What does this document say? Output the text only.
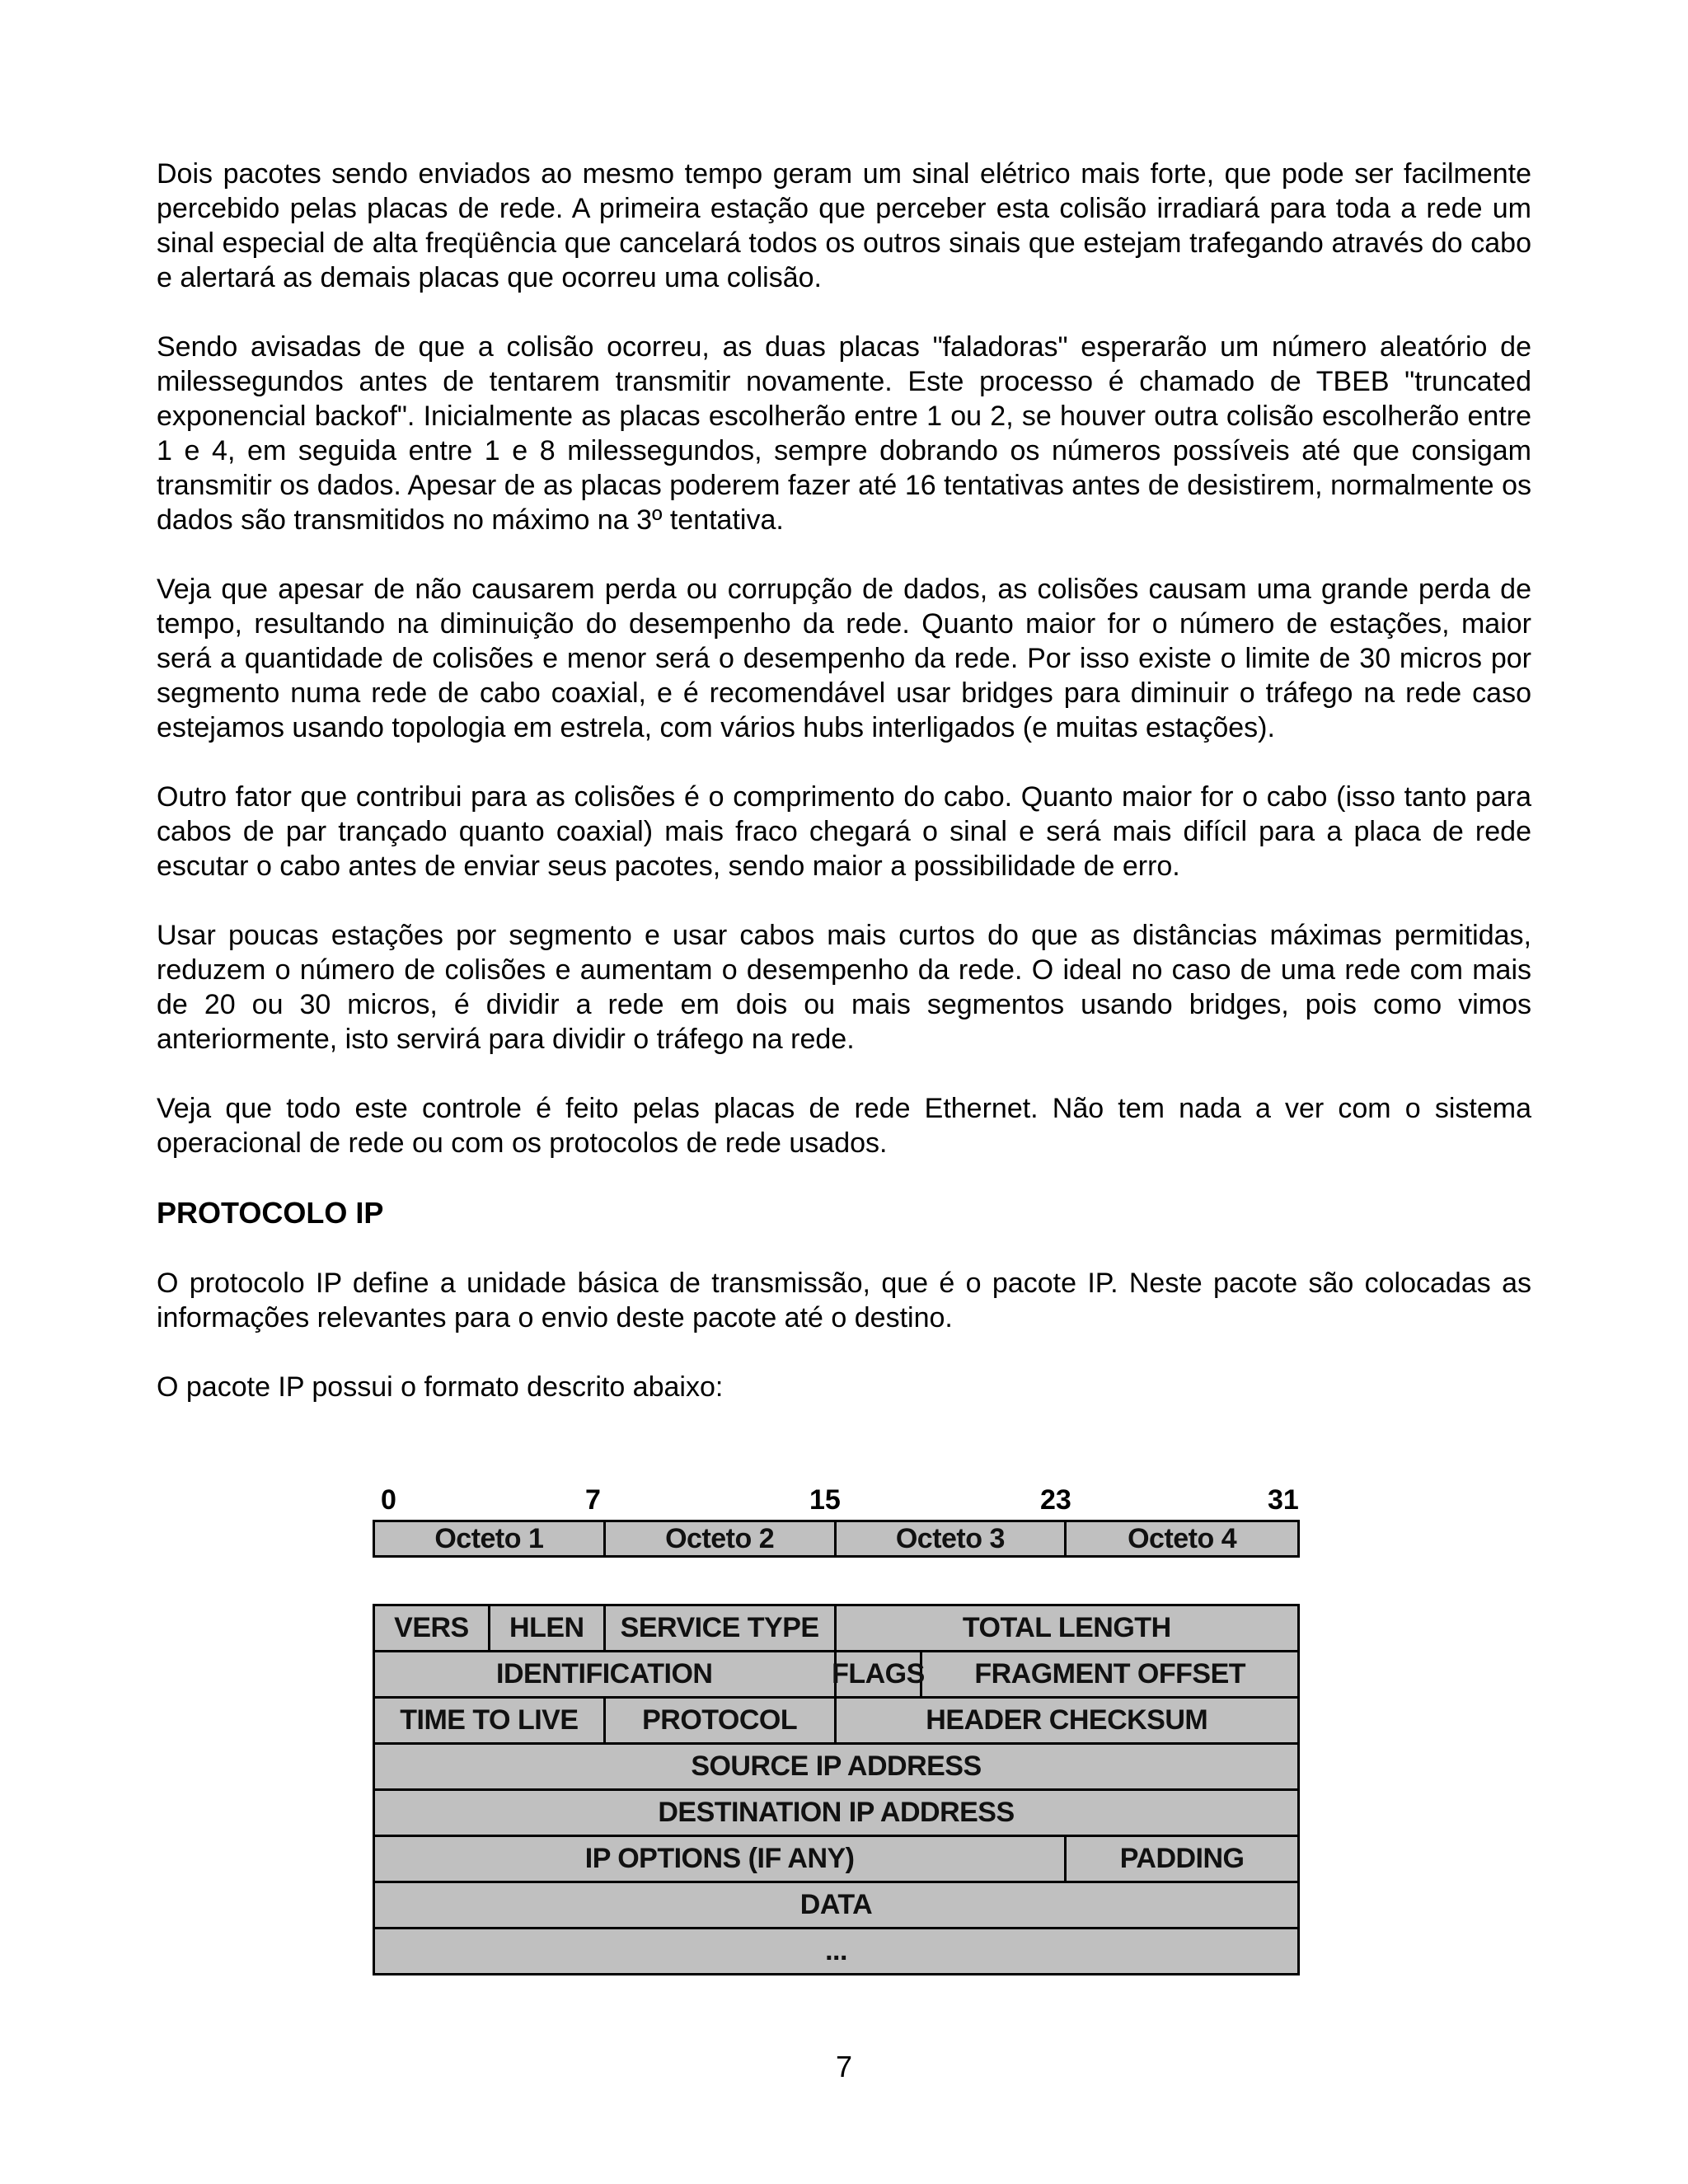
Dois pacotes sendo enviados ao mesmo tempo geram um sinal elétrico mais forte, que pode ser facilmente percebido pelas placas de rede. A primeira estação que perceber esta colisão irradiará para toda a rede um sinal especial de alta freqüência que cancelará todos os outros sinais que estejam trafegando através do cabo e alertará as demais placas que ocorreu uma colisão.

Sendo avisadas de que a colisão ocorreu, as duas placas "faladoras" esperarão um número aleatório de milessegundos antes de tentarem transmitir novamente. Este processo é chamado de TBEB "truncated exponencial backof". Inicialmente as placas escolherão entre 1 ou 2, se houver outra colisão escolherão entre 1 e 4, em seguida entre 1 e 8 milessegundos, sempre dobrando os números possíveis até que consigam transmitir os dados. Apesar de as placas poderem fazer até 16 tentativas antes de desistirem, normalmente os dados são transmitidos no máximo na 3º tentativa.

Veja que apesar de não causarem perda ou corrupção de dados, as colisões causam uma grande perda de tempo, resultando na diminuição do desempenho da rede. Quanto maior for o número de estações, maior será a quantidade de colisões e menor será o desempenho da rede. Por isso existe o limite de 30 micros por segmento numa rede de cabo coaxial, e é recomendável usar bridges para diminuir o tráfego na rede caso estejamos usando topologia em estrela, com vários hubs interligados (e muitas estações).

Outro fator que contribui para as colisões é o comprimento do cabo. Quanto maior for o cabo (isso tanto para cabos de par trançado quanto coaxial) mais fraco chegará o sinal e será mais difícil para a placa de rede escutar o cabo antes de enviar seus pacotes, sendo maior a possibilidade de erro.

Usar poucas estações por segmento e usar cabos mais curtos do que as distâncias máximas permitidas, reduzem o número de colisões e aumentam o desempenho da rede. O ideal no caso de uma rede com mais de 20 ou 30 micros, é dividir a rede em dois ou mais segmentos usando bridges, pois como vimos anteriormente, isto servirá para dividir o tráfego na rede.

Veja que todo este controle é feito pelas placas de rede Ethernet. Não tem nada a ver com o sistema operacional de rede ou com os protocolos de rede usados.

PROTOCOLO IP

O protocolo IP define a unidade básica de transmissão, que é o pacote IP. Neste pacote são colocadas as informações relevantes para o envio deste pacote até o destino.

O pacote IP possui o formato descrito abaixo:

0	7	15	23	31
Octeto 1	Octeto 2	Octeto 3	Octeto 4
VERS	HLEN	SERVICE TYPE	TOTAL LENGTH
IDENTIFICATION	FLAGS	FRAGMENT OFFSET
TIME TO LIVE	PROTOCOL	HEADER CHECKSUM
SOURCE IP ADDRESS
DESTINATION IP ADDRESS
IP OPTIONS (IF ANY)	PADDING
DATA
...
7
